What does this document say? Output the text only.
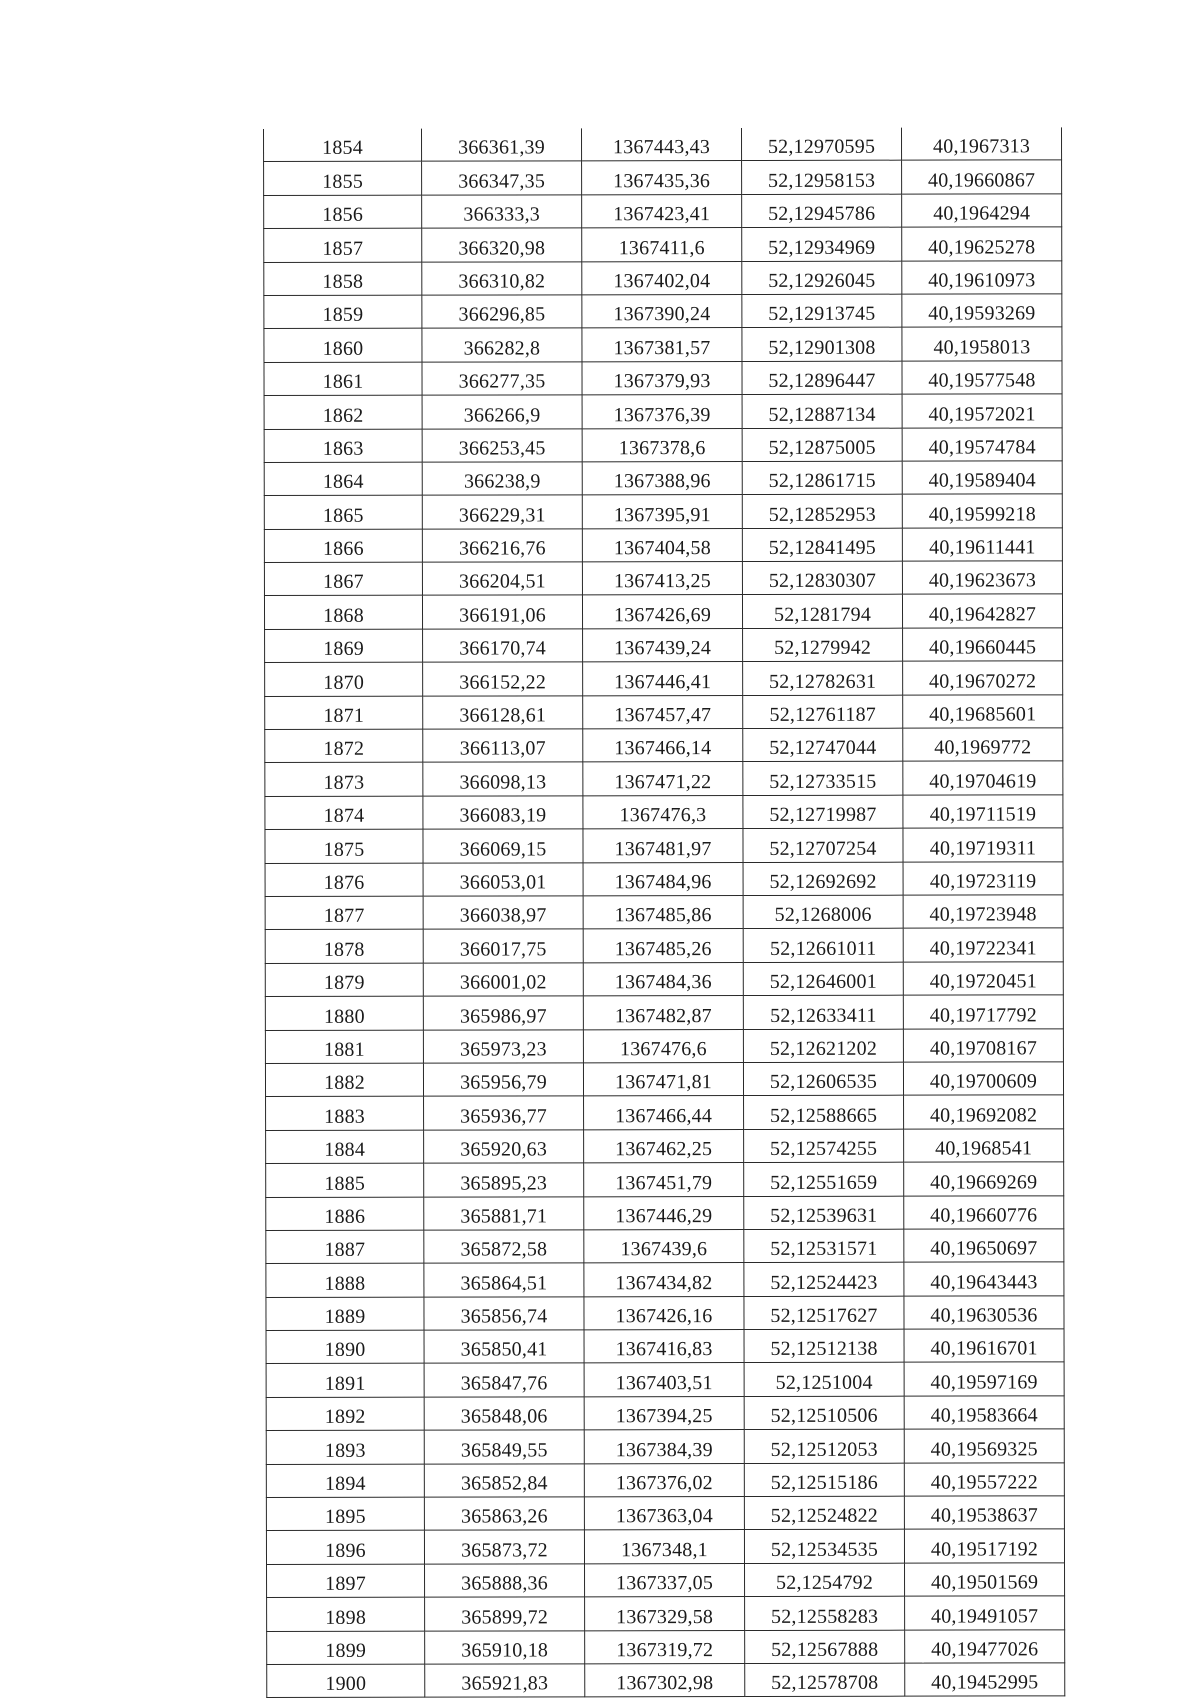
1854	366361,39	1367443,43	52,12970595	40,1967313
1855	366347,35	1367435,36	52,12958153	40,19660867
1856	366333,3	1367423,41	52,12945786	40,1964294
1857	366320,98	1367411,6	52,12934969	40,19625278
1858	366310,82	1367402,04	52,12926045	40,19610973
1859	366296,85	1367390,24	52,12913745	40,19593269
1860	366282,8	1367381,57	52,12901308	40,1958013
1861	366277,35	1367379,93	52,12896447	40,19577548
1862	366266,9	1367376,39	52,12887134	40,19572021
1863	366253,45	1367378,6	52,12875005	40,19574784
1864	366238,9	1367388,96	52,12861715	40,19589404
1865	366229,31	1367395,91	52,12852953	40,19599218
1866	366216,76	1367404,58	52,12841495	40,19611441
1867	366204,51	1367413,25	52,12830307	40,19623673
1868	366191,06	1367426,69	52,1281794	40,19642827
1869	366170,74	1367439,24	52,1279942	40,19660445
1870	366152,22	1367446,41	52,12782631	40,19670272
1871	366128,61	1367457,47	52,12761187	40,19685601
1872	366113,07	1367466,14	52,12747044	40,1969772
1873	366098,13	1367471,22	52,12733515	40,19704619
1874	366083,19	1367476,3	52,12719987	40,19711519
1875	366069,15	1367481,97	52,12707254	40,19719311
1876	366053,01	1367484,96	52,12692692	40,19723119
1877	366038,97	1367485,86	52,1268006	40,19723948
1878	366017,75	1367485,26	52,12661011	40,19722341
1879	366001,02	1367484,36	52,12646001	40,19720451
1880	365986,97	1367482,87	52,12633411	40,19717792
1881	365973,23	1367476,6	52,12621202	40,19708167
1882	365956,79	1367471,81	52,12606535	40,19700609
1883	365936,77	1367466,44	52,12588665	40,19692082
1884	365920,63	1367462,25	52,12574255	40,1968541
1885	365895,23	1367451,79	52,12551659	40,19669269
1886	365881,71	1367446,29	52,12539631	40,19660776
1887	365872,58	1367439,6	52,12531571	40,19650697
1888	365864,51	1367434,82	52,12524423	40,19643443
1889	365856,74	1367426,16	52,12517627	40,19630536
1890	365850,41	1367416,83	52,12512138	40,19616701
1891	365847,76	1367403,51	52,1251004	40,19597169
1892	365848,06	1367394,25	52,12510506	40,19583664
1893	365849,55	1367384,39	52,12512053	40,19569325
1894	365852,84	1367376,02	52,12515186	40,19557222
1895	365863,26	1367363,04	52,12524822	40,19538637
1896	365873,72	1367348,1	52,12534535	40,19517192
1897	365888,36	1367337,05	52,1254792	40,19501569
1898	365899,72	1367329,58	52,12558283	40,19491057
1899	365910,18	1367319,72	52,12567888	40,19477026
1900	365921,83	1367302,98	52,12578708	40,19452995
